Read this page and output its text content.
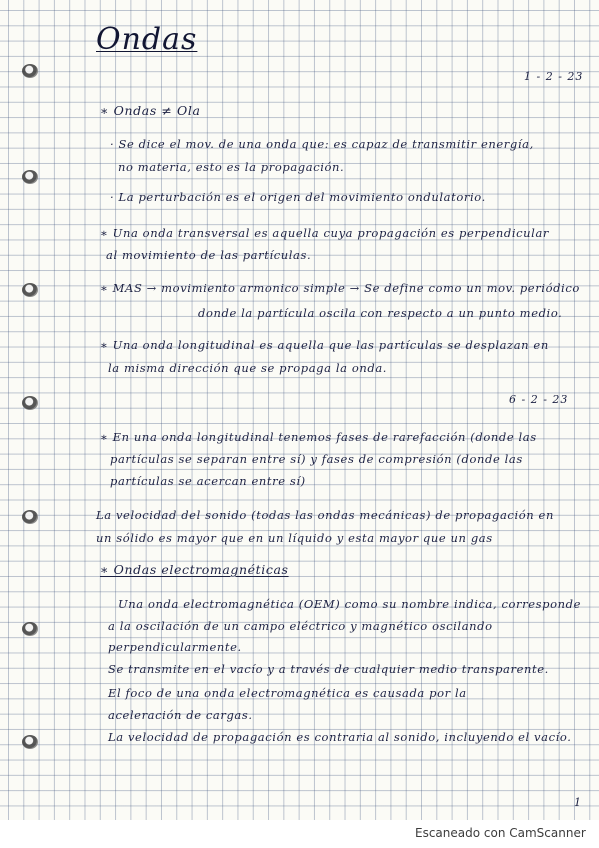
Ondas
1 - 2 - 23
6 - 2 - 23
∗ Ondas ≠ Ola
· Se dice el mov. de una onda que: es capaz de transmitir energía,
no materia, esto es la propagación.
· La perturbación es el origen del movimiento ondulatorio.
∗ Una onda transversal es aquella cuya propagación es perpendicular
al movimiento de las partículas.
∗ MAS → movimiento armonico simple → Se define como un mov. periódico
donde la partícula oscila con respecto a un punto medio.
∗ Una onda longitudinal es aquella que las partículas se desplazan en
la misma dirección que se propaga la onda.
∗ En una onda longitudinal tenemos fases de rarefacción (donde las
partículas se separan entre sí) y fases de compresión (donde las
partículas se acercan entre sí)
La velocidad del sonido (todas las ondas mecánicas) de propagación en
un sólido es mayor que en un líquido y esta mayor que un gas
∗ Ondas electromagnéticas
Una onda electromagnética (OEM) como su nombre indica, corresponde
a la oscilación de un campo eléctrico y magnético oscilando
perpendicularmente.
Se transmite en el vacío y a través de cualquier medio transparente.
El foco de una onda electromagnética es causada por la
aceleración de cargas.
La velocidad de propagación es contraria al sonido, incluyendo el vacío.
1
Escaneado con CamScanner
